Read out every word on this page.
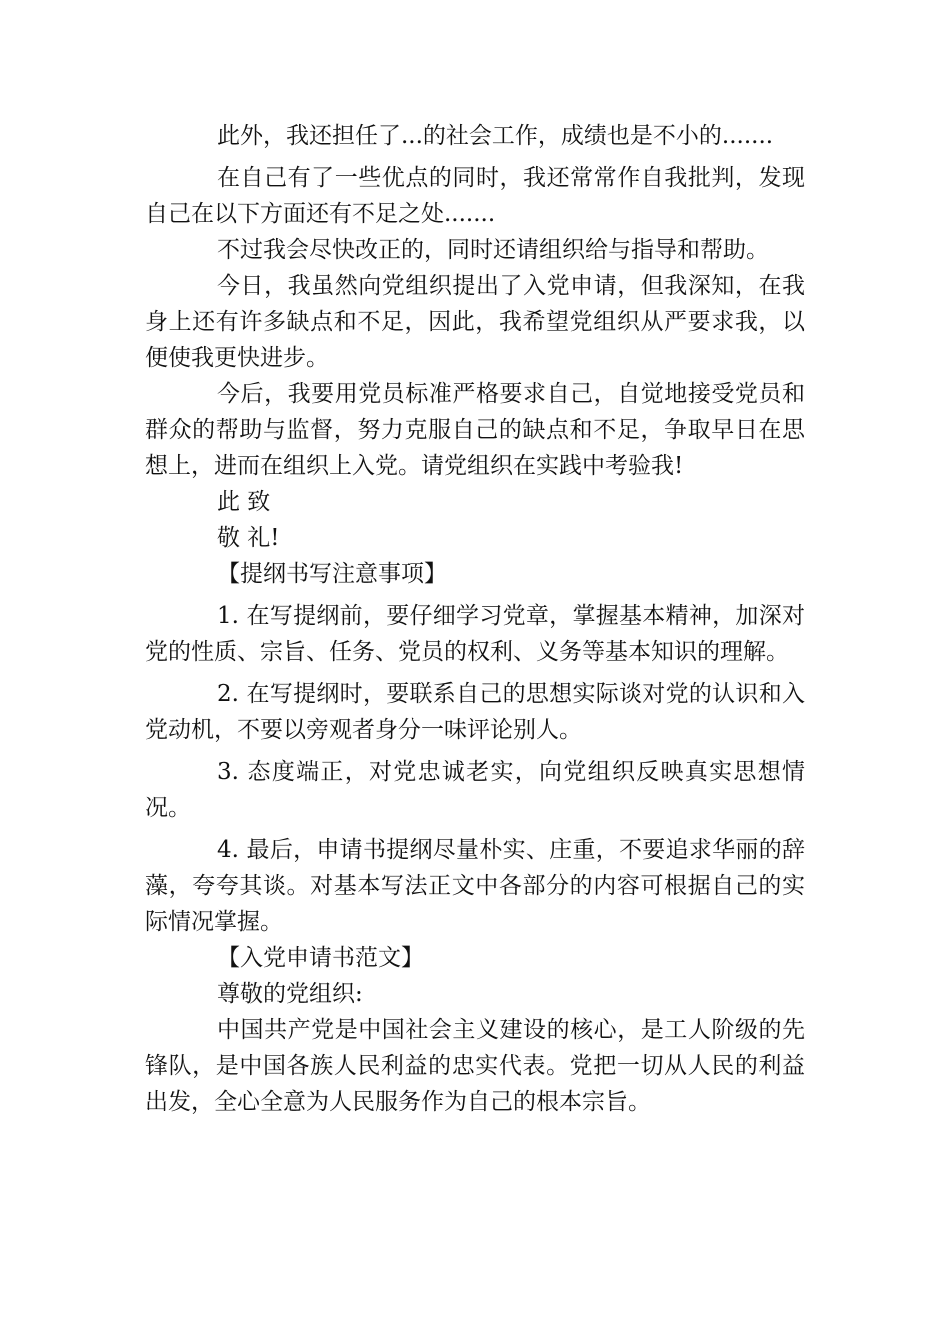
此外，我还担任了...的社会工作，成绩也是不小的.......

在自己有了一些优点的同时，我还常常作自我批判，发现自己在以下方面还有不足之处.......

不过我会尽快改正的，同时还请组织给与指导和帮助。

今日，我虽然向党组织提出了入党申请，但我深知，在我身上还有许多缺点和不足，因此，我希望党组织从严要求我，以便使我更快进步。

今后，我要用党员标准严格要求自己，自觉地接受党员和群众的帮助与监督，努力克服自己的缺点和不足，争取早日在思想上，进而在组织上入党。请党组织在实践中考验我!

此 致

敬 礼!

【提纲书写注意事项】

1. 在写提纲前，要仔细学习党章，掌握基本精神，加深对党的性质、宗旨、任务、党员的权利、义务等基本知识的理解。

2. 在写提纲时，要联系自己的思想实际谈对党的认识和入党动机，不要以旁观者身分一味评论别人。

3. 态度端正，对党忠诚老实，向党组织反映真实思想情况。

4. 最后，申请书提纲尽量朴实、庄重，不要追求华丽的辞藻，夸夸其谈。对基本写法正文中各部分的内容可根据自己的实际情况掌握。

【入党申请书范文】

尊敬的党组织:

中国共产党是中国社会主义建设的核心，是工人阶级的先锋队，是中国各族人民利益的忠实代表。党把一切从人民的利益出发，全心全意为人民服务作为自己的根本宗旨。
